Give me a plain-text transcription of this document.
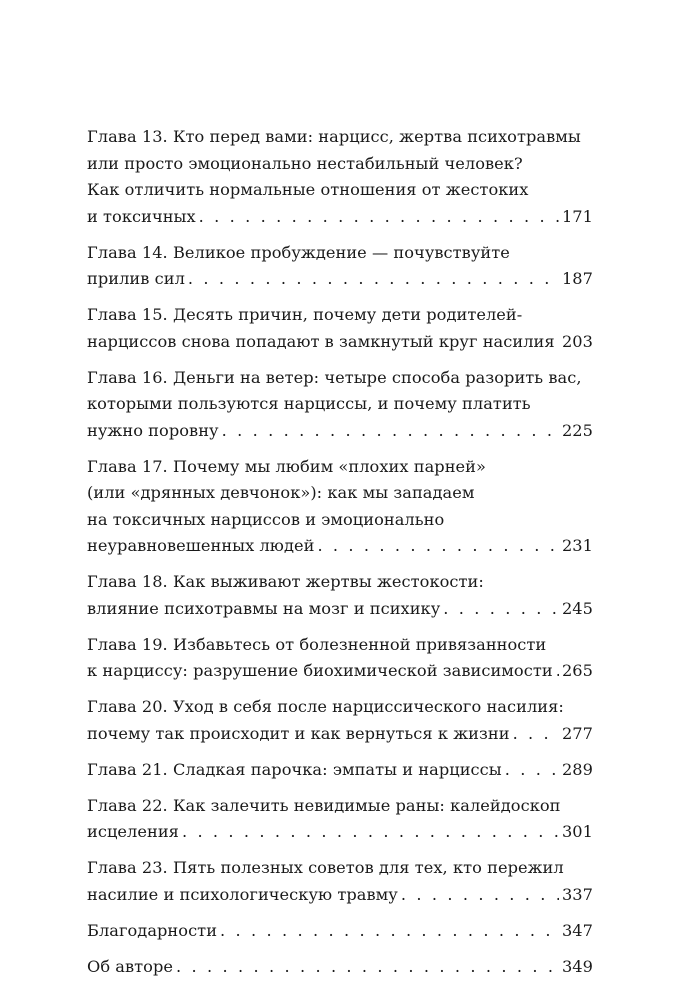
Глава 13. Кто перед вами: нарцисс, жертва психотравмы
или просто эмоционально нестабильный человек?
Как отличить нормальные отношения от жестоких
и токсичных . . .	171
Глава 14. Великое пробуждение — почувствуйте
прилив сил . . .	187
Глава 15. Десять причин, почему дети родителей-
нарциссов снова попадают в замкнутый круг насилия . . . 203
Глава 16. Деньги на ветер: четыре способа разорить вас,
которыми пользуются нарциссы, и почему платить
нужно поровну . . .	225
Глава 17. Почему мы любим «плохих парней»
(или «дрянных девчонок»): как мы западаем
на токсичных нарциссов и эмоционально
неуравновешенных людей . . .	231
Глава 18. Как выживают жертвы жестокости:
влияние психотравмы на мозг и психику . . .	245
Глава 19. Избавьтесь от болезненной привязанности
к нарциссу: разрушение биохимической зависимости . . . 265
Глава 20. Уход в себя после нарциссического насилия:
почему так происходит и как вернуться к жизни . . .	277
Глава 21. Сладкая парочка: эмпаты и нарциссы . . .	289
Глава 22. Как залечить невидимые раны: калейдоскоп
исцеления . . .	301
Глава 23. Пять полезных советов для тех, кто пережил
насилие и психологическую травму . . .	337
Благодарности . . .	347
Об авторе . . .	349
